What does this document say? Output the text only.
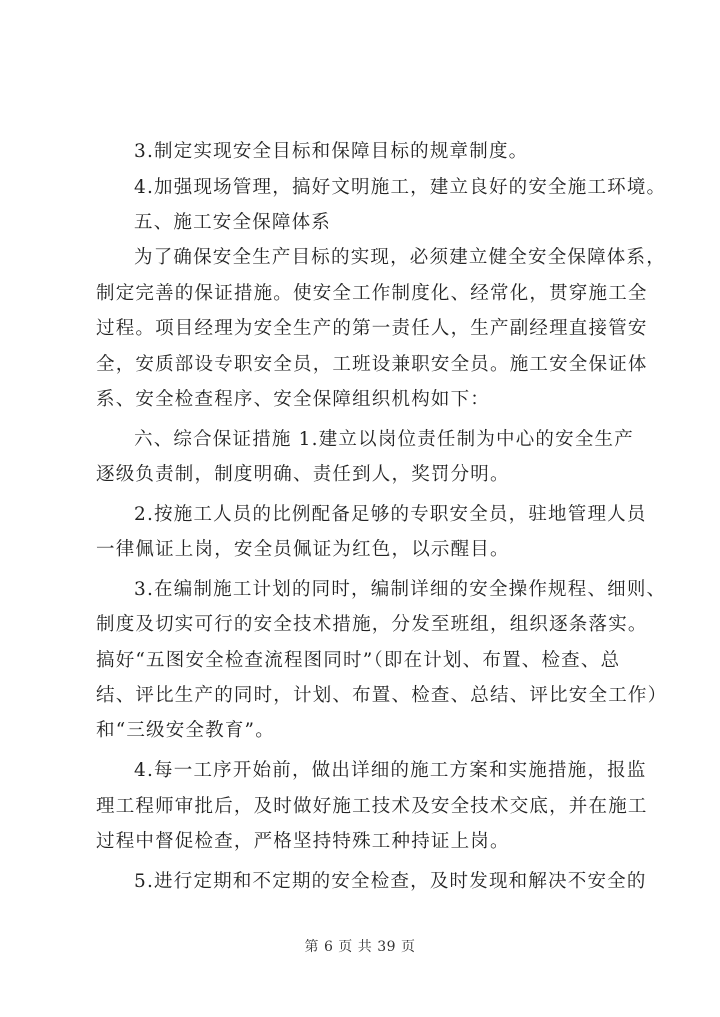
3.制定实现安全目标和保障目标的规章制度。
4.加强现场管理，搞好文明施工，建立良好的安全施工环境。
五、施工安全保障体系
为了确保安全生产目标的实现，必须建立健全安全保障体系，
制定完善的保证措施。使安全工作制度化、经常化，贯穿施工全
过程。项目经理为安全生产的第一责任人，生产副经理直接管安
全，安质部设专职安全员，工班设兼职安全员。施工安全保证体
系、安全检查程序、安全保障组织机构如下：
六、综合保证措施 1.建立以岗位责任制为中心的安全生产
逐级负责制，制度明确、责任到人，奖罚分明。
2.按施工人员的比例配备足够的专职安全员，驻地管理人员
一律佩证上岗，安全员佩证为红色，以示醒目。
3.在编制施工计划的同时，编制详细的安全操作规程、细则、
制度及切实可行的安全技术措施，分发至班组，组织逐条落实。
搞好“五图安全检查流程图同时”（即在计划、布置、检查、总
结、评比生产的同时，计划、布置、检查、总结、评比安全工作）
和“三级安全教育”。
4.每一工序开始前，做出详细的施工方案和实施措施，报监
理工程师审批后，及时做好施工技术及安全技术交底，并在施工
过程中督促检查，严格坚持特殊工种持证上岗。
5.进行定期和不定期的安全检查，及时发现和解决不安全的
第 6 页 共 39 页
